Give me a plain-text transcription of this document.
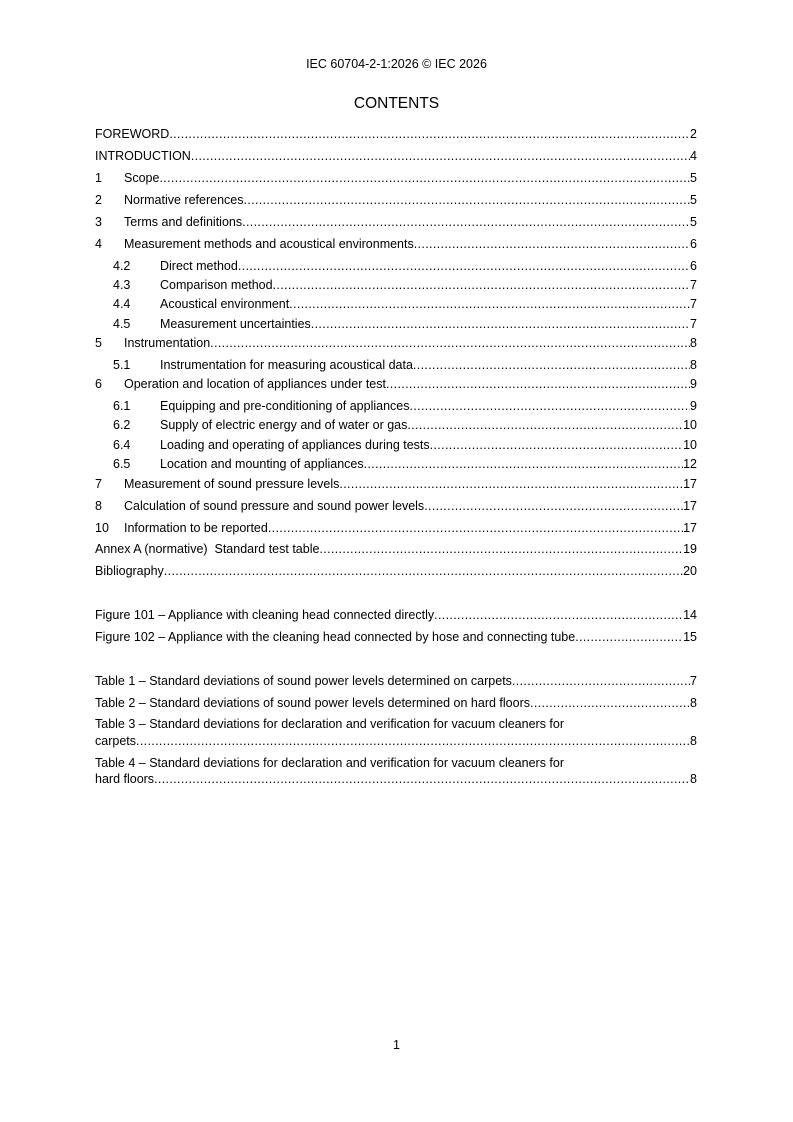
IEC 60704-2-1:2026 © IEC 2026
CONTENTS
FOREWORD .....	2
INTRODUCTION .....	4
1	Scope .....	5
2	Normative references .....	5
3	Terms and definitions .....	5
4	Measurement methods and acoustical environments .....	6
4.2	Direct method .....	6
4.3	Comparison method .....	7
4.4	Acoustical environment .....	7
4.5	Measurement uncertainties .....	7
5	Instrumentation .....	8
5.1	Instrumentation for measuring acoustical data .....	8
6	Operation and location of appliances under test .....	9
6.1	Equipping and pre-conditioning of appliances .....	9
6.2	Supply of electric energy and of water or gas .....	10
6.4	Loading and operating of appliances during tests .....	10
6.5	Location and mounting of appliances .....	12
7	Measurement of sound pressure levels .....	17
8	Calculation of sound pressure and sound power levels .....	17
10	Information to be reported .....	17
Annex A (normative)  Standard test table .....	19
Bibliography .....	20
Figure 101 – Appliance with cleaning head connected directly .....	14
Figure 102 – Appliance with the cleaning head connected by hose and connecting tube .....	15
Table 1 – Standard deviations of sound power levels determined on carpets .....	7
Table 2 – Standard deviations of sound power levels determined on hard floors .....	8
Table 3 – Standard deviations for declaration and verification for vacuum cleaners for
carpets .....	8
Table 4 – Standard deviations for declaration and verification for vacuum cleaners for
hard floors .....	8
1
